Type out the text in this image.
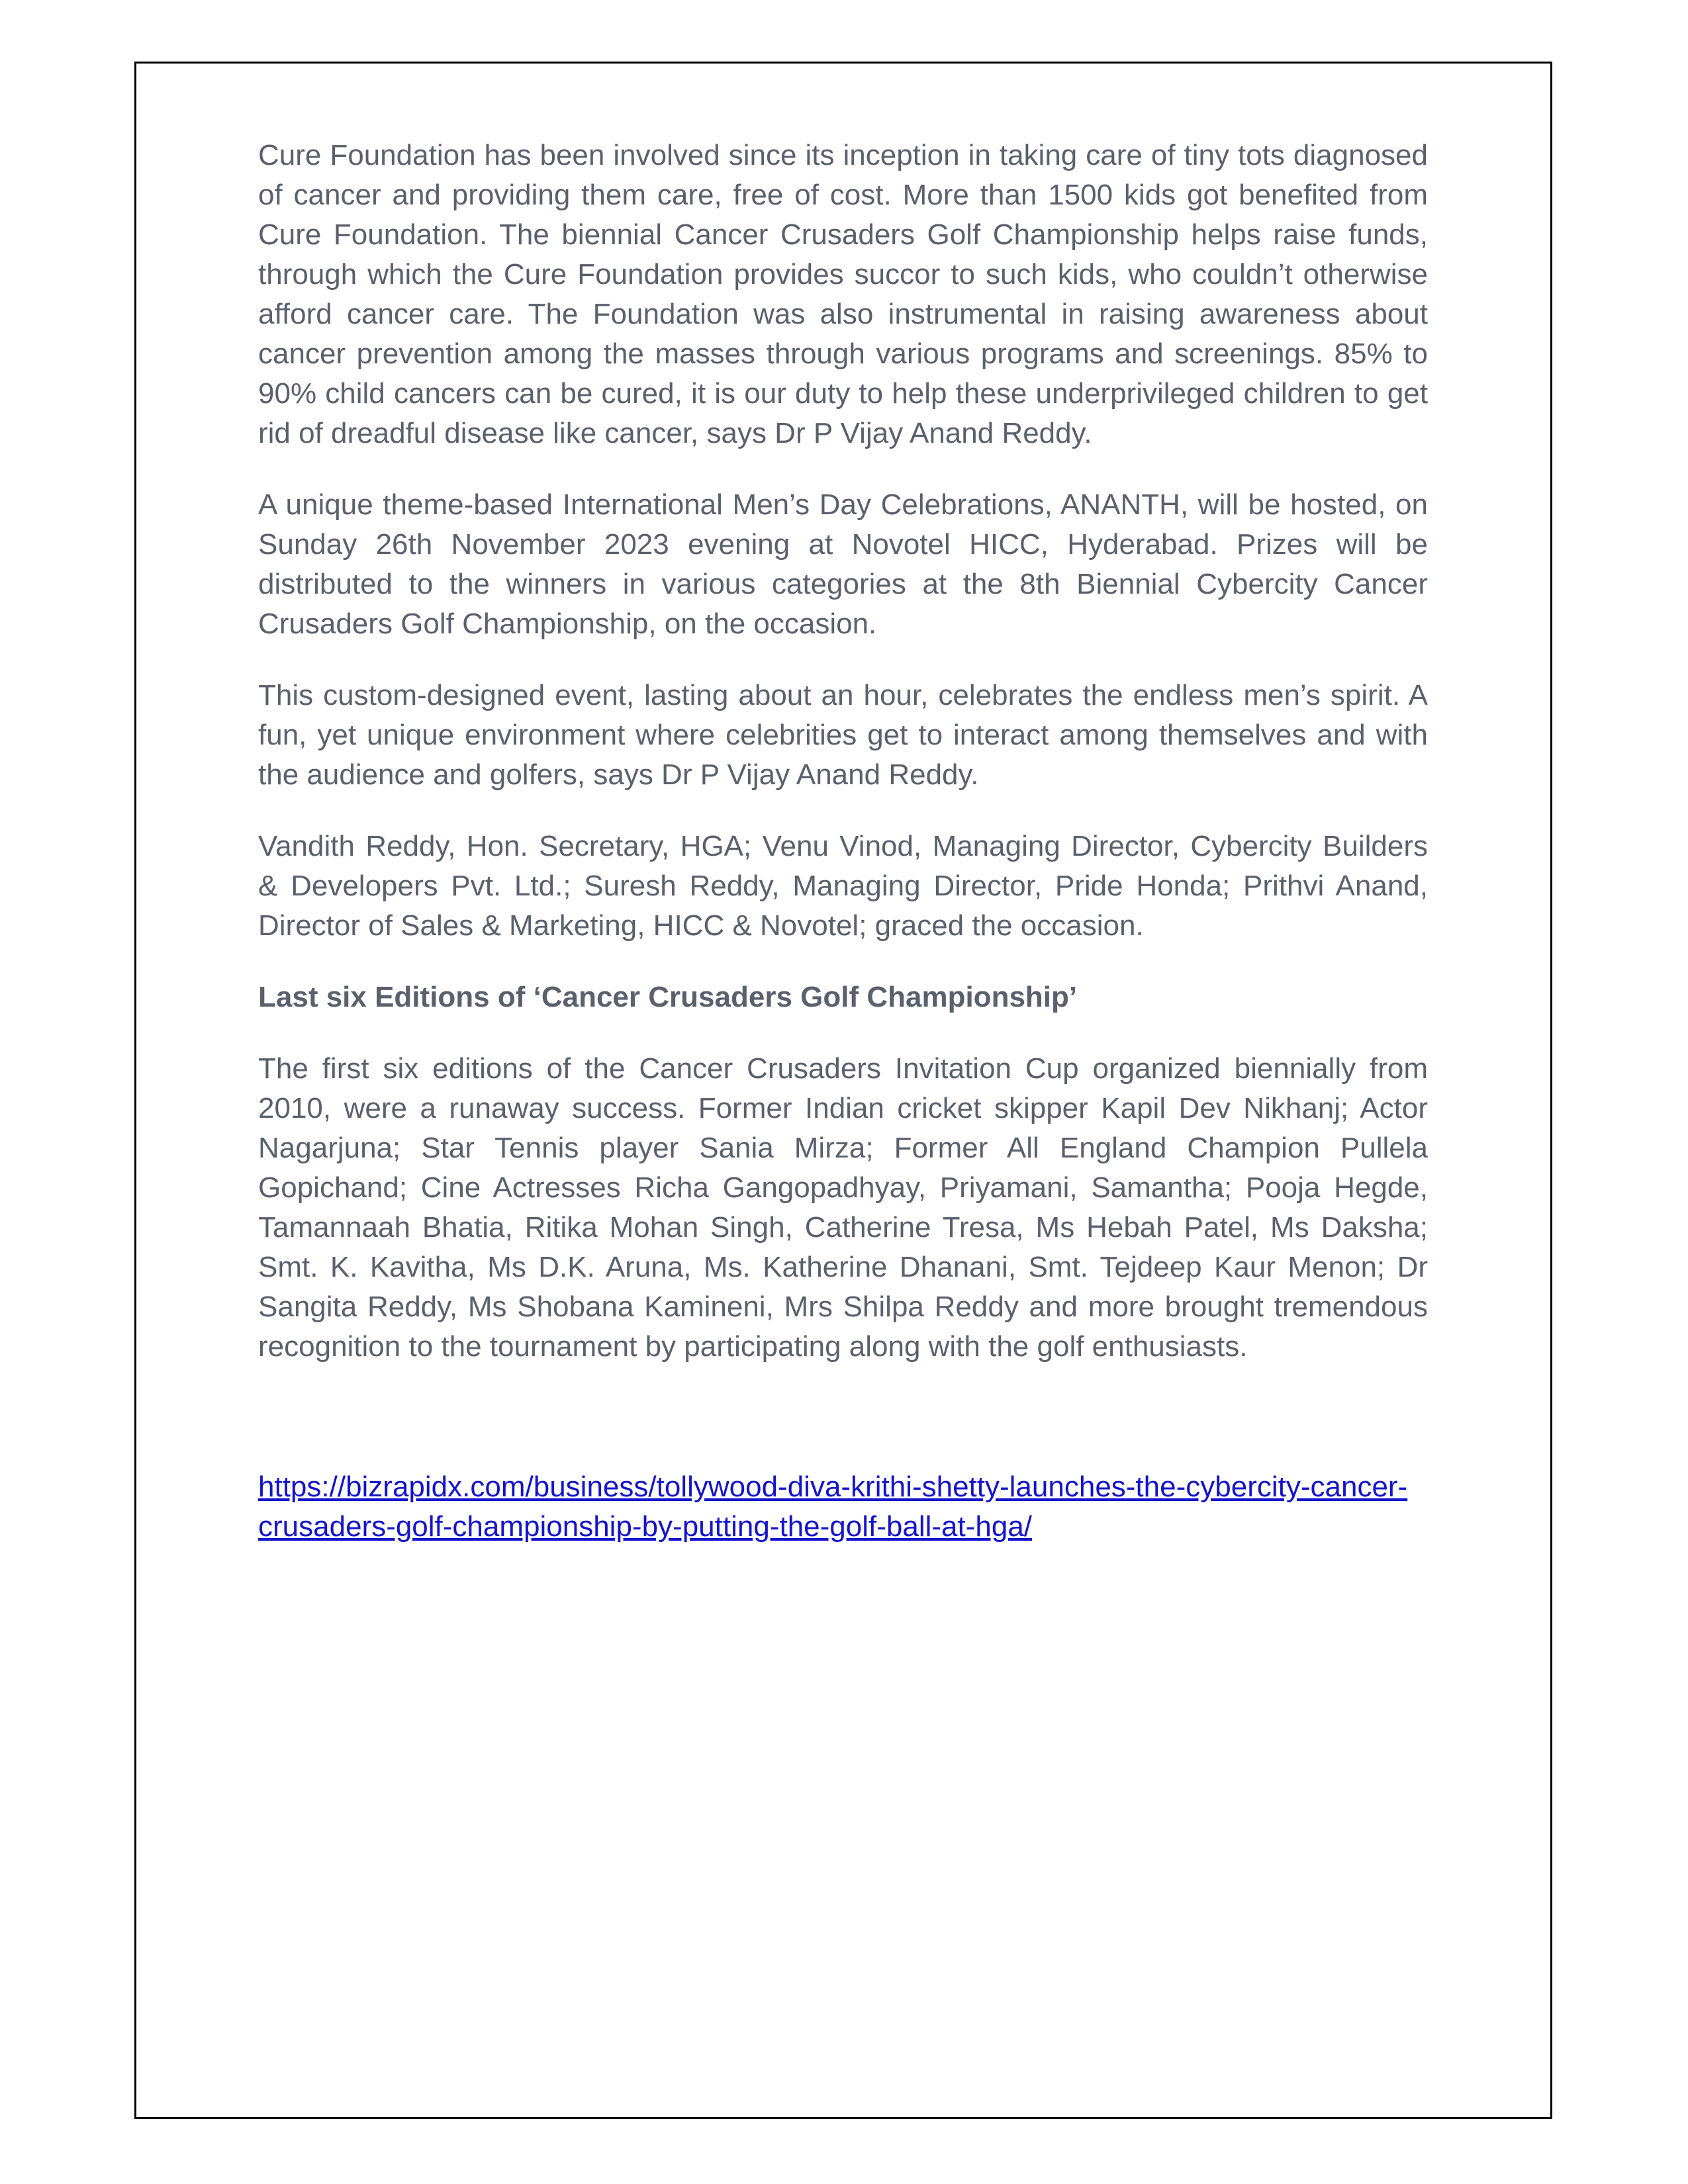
Cure Foundation has been involved since its inception in taking care of tiny tots diagnosed of cancer and providing them care, free of cost. More than 1500 kids got benefited from Cure Foundation. The biennial Cancer Crusaders Golf Championship helps raise funds, through which the Cure Foundation provides succor to such kids, who couldn’t otherwise afford cancer care. The Foundation was also instrumental in raising awareness about cancer prevention among the masses through various programs and screenings. 85% to 90% child cancers can be cured, it is our duty to help these underprivileged children to get rid of dreadful disease like cancer, says Dr P Vijay Anand Reddy.

A unique theme-based International Men’s Day Celebrations, ANANTH, will be hosted, on Sunday 26th November 2023 evening at Novotel HICC, Hyderabad. Prizes will be distributed to the winners in various categories at the 8th Biennial Cybercity Cancer Crusaders Golf Championship, on the occasion.

This custom-designed event, lasting about an hour, celebrates the endless men’s spirit. A fun, yet unique environment where celebrities get to interact among themselves and with the audience and golfers, says Dr P Vijay Anand Reddy.

Vandith Reddy, Hon. Secretary, HGA; Venu Vinod, Managing Director, Cybercity Builders & Developers Pvt. Ltd.; Suresh Reddy, Managing Director, Pride Honda; Prithvi Anand, Director of Sales & Marketing, HICC & Novotel; graced the occasion.

Last six Editions of ‘Cancer Crusaders Golf Championship’

The first six editions of the Cancer Crusaders Invitation Cup organized biennially from 2010, were a runaway success. Former Indian cricket skipper Kapil Dev Nikhanj; Actor Nagarjuna; Star Tennis player Sania Mirza; Former All England Champion Pullela Gopichand; Cine Actresses Richa Gangopadhyay, Priyamani, Samantha; Pooja Hegde, Tamannaah Bhatia, Ritika Mohan Singh, Catherine Tresa, Ms Hebah Patel, Ms Daksha; Smt. K. Kavitha, Ms D.K. Aruna, Ms. Katherine Dhanani, Smt. Tejdeep Kaur Menon; Dr Sangita Reddy, Ms Shobana Kamineni, Mrs Shilpa Reddy and more brought tremendous recognition to the tournament by participating along with the golf enthusiasts.

https://bizrapidx.com/business/tollywood-diva-krithi-shetty-launches-the-cybercity-cancer-crusaders-golf-championship-by-putting-the-golf-ball-at-hga/
